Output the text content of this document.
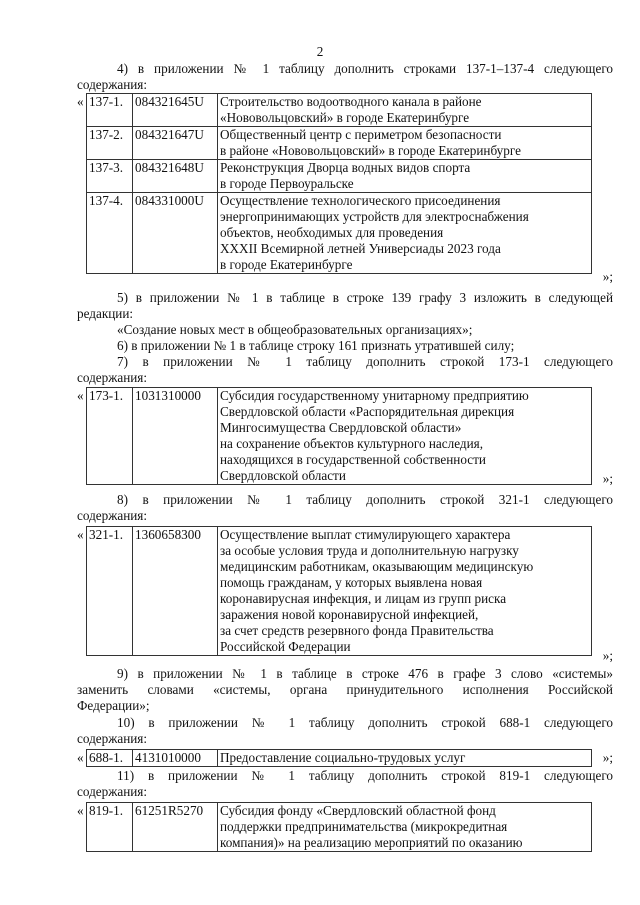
2
4) в приложении № 1 таблицу дополнить строками 137-1–137-4 следующего
содержания:
« 137-1.	084321645U	Строительство водоотводного канала в районе
«Нововольцовский» в городе Екатеринбурге

137-2.	084321647U	Общественный центр с периметром безопасности
в районе «Нововольцовский» в городе Екатеринбурге

137-3.	084321648U	Реконструкция Дворца водных видов спорта
в городе Первоуральске

137-4.	084331000U	Осуществление технологического присоединения
энергопринимающих устройств для электроснабжения
объектов, необходимых для проведения
XXXII Всемирной летней Универсиады 2023 года
в городе Екатеринбурге
»;
5) в приложении № 1 в таблице в строке 139 графу 3 изложить в следующей
редакции:
«Создание новых мест в общеобразовательных организациях»;
6) в приложении № 1 в таблице строку 161 признать утратившей силу;
7) в приложении № 1 таблицу дополнить строкой 173-1 следующего
содержания:
« 173-1.	1031310000	Субсидия государственному унитарному предприятию
Свердловской области «Распорядительная дирекция
Мингосимущества Свердловской области»
на сохранение объектов культурного наследия,
находящихся в государственной собственности
Свердловской области	»;
8) в приложении № 1 таблицу дополнить строкой 321-1 следующего
содержания:
« 321-1.	1360658300	Осуществление выплат стимулирующего характера
за особые условия труда и дополнительную нагрузку
медицинским работникам, оказывающим медицинскую
помощь гражданам, у которых выявлена новая
коронавирусная инфекция, и лицам из групп риска
заражения новой коронавирусной инфекцией,
за счет средств резервного фонда Правительства
Российской Федерации
»;
9) в приложении № 1 в таблице в строке 476 в графе 3 слово «системы»
заменить словами «системы, органа принудительного исполнения Российской
Федерации»;
10) в приложении № 1 таблицу дополнить строкой 688-1 следующего
содержания:
« 688-1.	4131010000	Предоставление социально-трудовых услуг	»;
11) в приложении № 1 таблицу дополнить строкой 819-1 следующего
содержания:
« 819-1.	61251R5270	Субсидия фонду «Свердловский областной фонд
поддержки предпринимательства (микрокредитная
компания)» на реализацию мероприятий по оказанию
